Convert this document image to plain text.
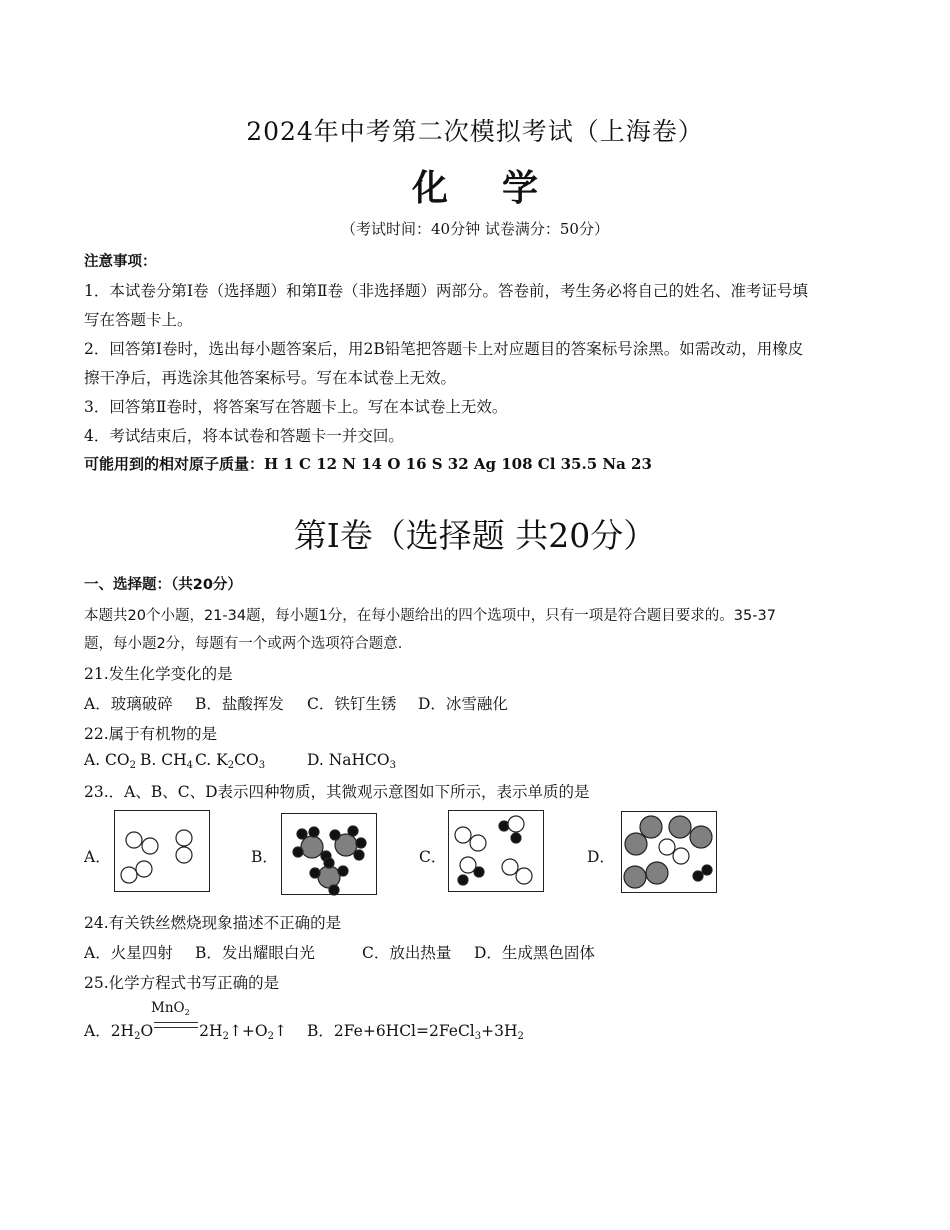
2024年中考第二次模拟考试（上海卷）
化学
（考试时间：40分钟 试卷满分：50分）
注意事项：
1．本试卷分第Ⅰ卷（选择题）和第Ⅱ卷（非选择题）两部分。答卷前，考生务必将自己的姓名、准考证号填
写在答题卡上。
2．回答第Ⅰ卷时，选出每小题答案后，用2B铅笔把答题卡上对应题目的答案标号涂黑。如需改动，用橡皮
擦干净后，再选涂其他答案标号。写在本试卷上无效。
3．回答第Ⅱ卷时，将答案写在答题卡上。写在本试卷上无效。
4．考试结束后，将本试卷和答题卡一并交回。
可能用到的相对原子质量：H 1 C 12 N 14 O 16 S 32 Ag 108 Cl 35.5 Na 23
第I卷（选择题 共20分）
一、选择题：（共20分）
本题共20个小题，21-34题，每小题1分，在每小题给出的四个选项中，只有一项是符合题目要求的。35-37
题，每小题2分，每题有一个或两个选项符合题意.
21.发生化学变化的是
A．玻璃破碎 B．盐酸挥发 C．铁钉生锈 D．冰雪融化
22.属于有机物的是
A. $CO_2$ B. $CH_4$ C. $K_2CO_3$	D. NaHCO$_3$
23.．A、B、C、D表示四种物质，其微观示意图如下所示，表示单质的是
A．	B．	C．	D．
24.有关铁丝燃烧现象描述不正确的是
A．火星四射 B．发出耀眼白光	C．放出热量 D．生成黑色固体
25.化学方程式书写正确的是
MnO$_2$
A．$2H_2O$	$2H_2↑+O_2↑$ B．$2Fe+6HCl=2FeCl_3+3H_2$
